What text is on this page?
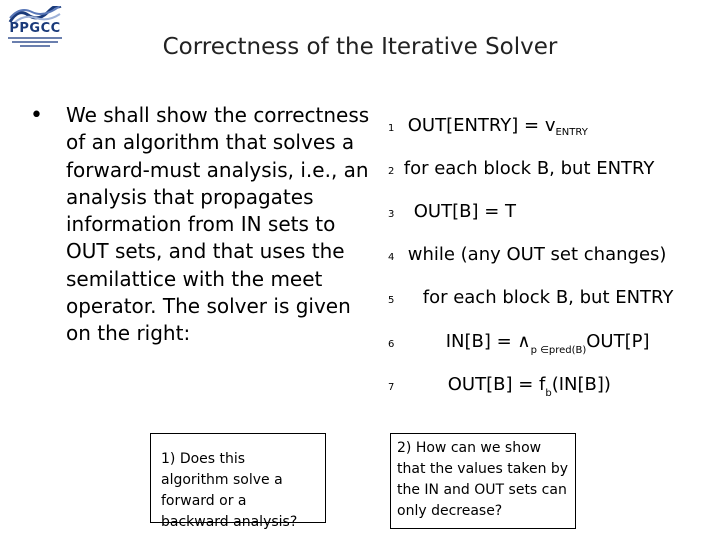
PPGCC
Correctness of the Iterative Solver
• We shall show the correctness of an algorithm that solves a forward-must analysis, i.e., an analysis that propagates information from IN sets to OUT sets, and that uses the semilattice with the meet operator. The solver is given on the right:
1 OUT[ENTRY] = $v_{ENTRY}$
2 for each block B, but ENTRY
3 OUT[B] = T
4 while (any OUT set changes)
5 for each block B, but ENTRY
6	$IN[B] = \wedge_{p \in pred(B)}OUT[P]$
7	$OUT[B] = f_b(IN[B])$
1) Does this algorithm solve a forward or a backward analysis?
2) How can we show that the values taken by the IN and OUT sets can only decrease?
